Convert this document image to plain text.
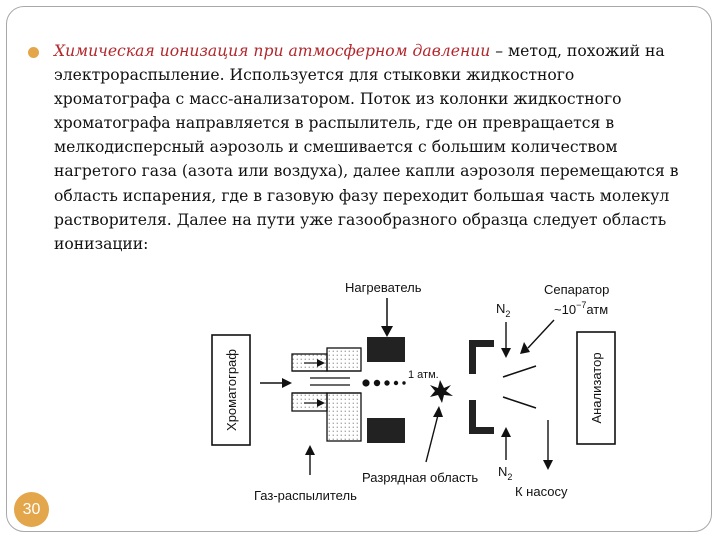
Химическая ионизация при атмосферном давлении – метод, похожий на электрораспыление. Используется для стыковки жидкостного хроматографа с масс-анализатором. Поток из колонки жидкостного хроматографа направляется в распылитель, где он превращается в мелкодисперсный аэрозоль и смешивается с большим количеством нагретого газа (азота или воздуха), далее капли аэрозоля перемещаются в область испарения, где в газовую фазу переходит большая часть молекул растворителя. Далее на пути уже газообразного образца следует область ионизации:

Хроматограф	Анализатор
Нагреватель
1 атм.
Сепаратор
$\sim 10^{-7}атм$
$N_2$
$N_2$
К насосу
Разрядная область
Газ-распылитель
30
